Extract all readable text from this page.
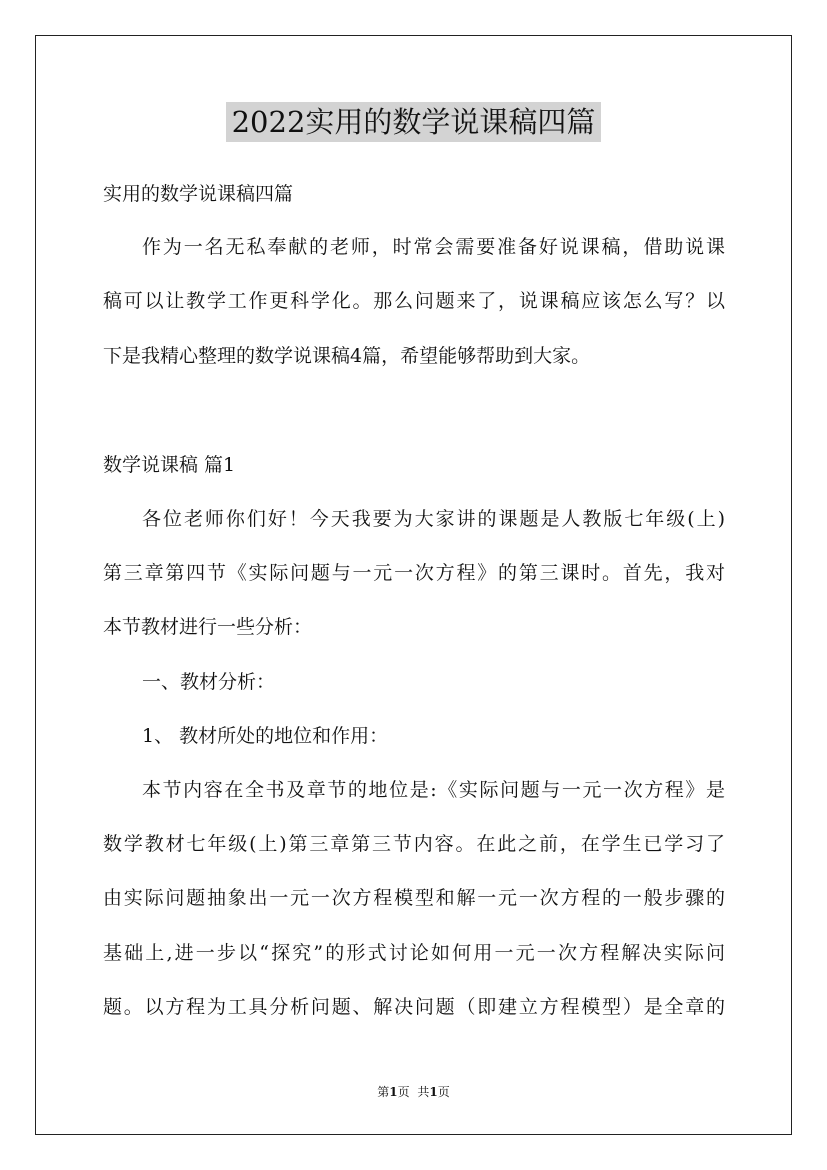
2022实用的数学说课稿四篇
实用的数学说课稿四篇
作为一名无私奉献的老师，时常会需要准备好说课稿，借助说课
稿可以让教学工作更科学化。那么问题来了，说课稿应该怎么写？以
下是我精心整理的数学说课稿4篇，希望能够帮助到大家。
数学说课稿 篇1
各位老师你们好！今天我要为大家讲的课题是人教版七年级(上)
第三章第四节《实际问题与一元一次方程》的第三课时。首先，我对
本节教材进行一些分析：
一、教材分析：
1、 教材所处的地位和作用：
本节内容在全书及章节的地位是:《实际问题与一元一次方程》是
数学教材七年级(上)第三章第三节内容。在此之前，在学生已学习了
由实际问题抽象出一元一次方程模型和解一元一次方程的一般步骤的
基础上,进一步以“探究”的形式讨论如何用一元一次方程解决实际问
题。以方程为工具分析问题、解决问题（即建立方程模型）是全章的
第1页 共1页
